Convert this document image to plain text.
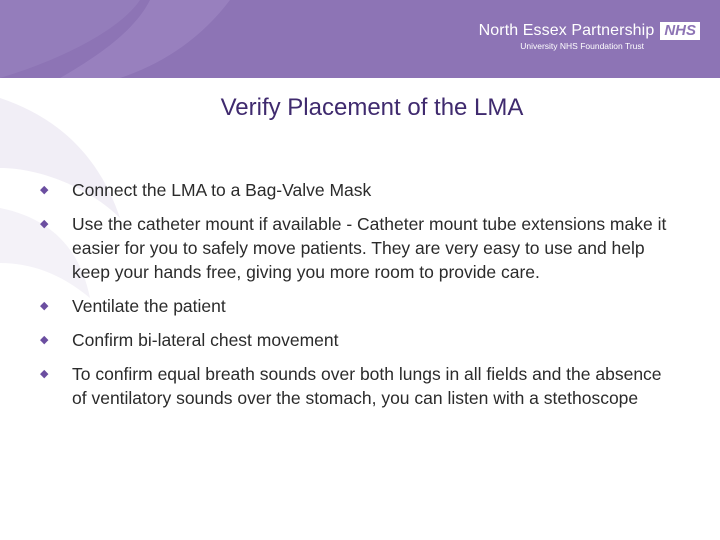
North Essex Partnership NHS
University NHS Foundation Trust
Verify Placement of the LMA
◆	Connect the LMA to a Bag-Valve Mask
◆	Use the catheter mount if available - Catheter mount tube extensions make it easier for you to safely move patients. They are very easy to use and help keep your hands free, giving you more room to provide care.
◆	Ventilate the patient
◆	Confirm bi-lateral chest movement
◆	To confirm equal breath sounds over both lungs in all fields and the absence of ventilatory sounds over the stomach, you can listen with a stethoscope
